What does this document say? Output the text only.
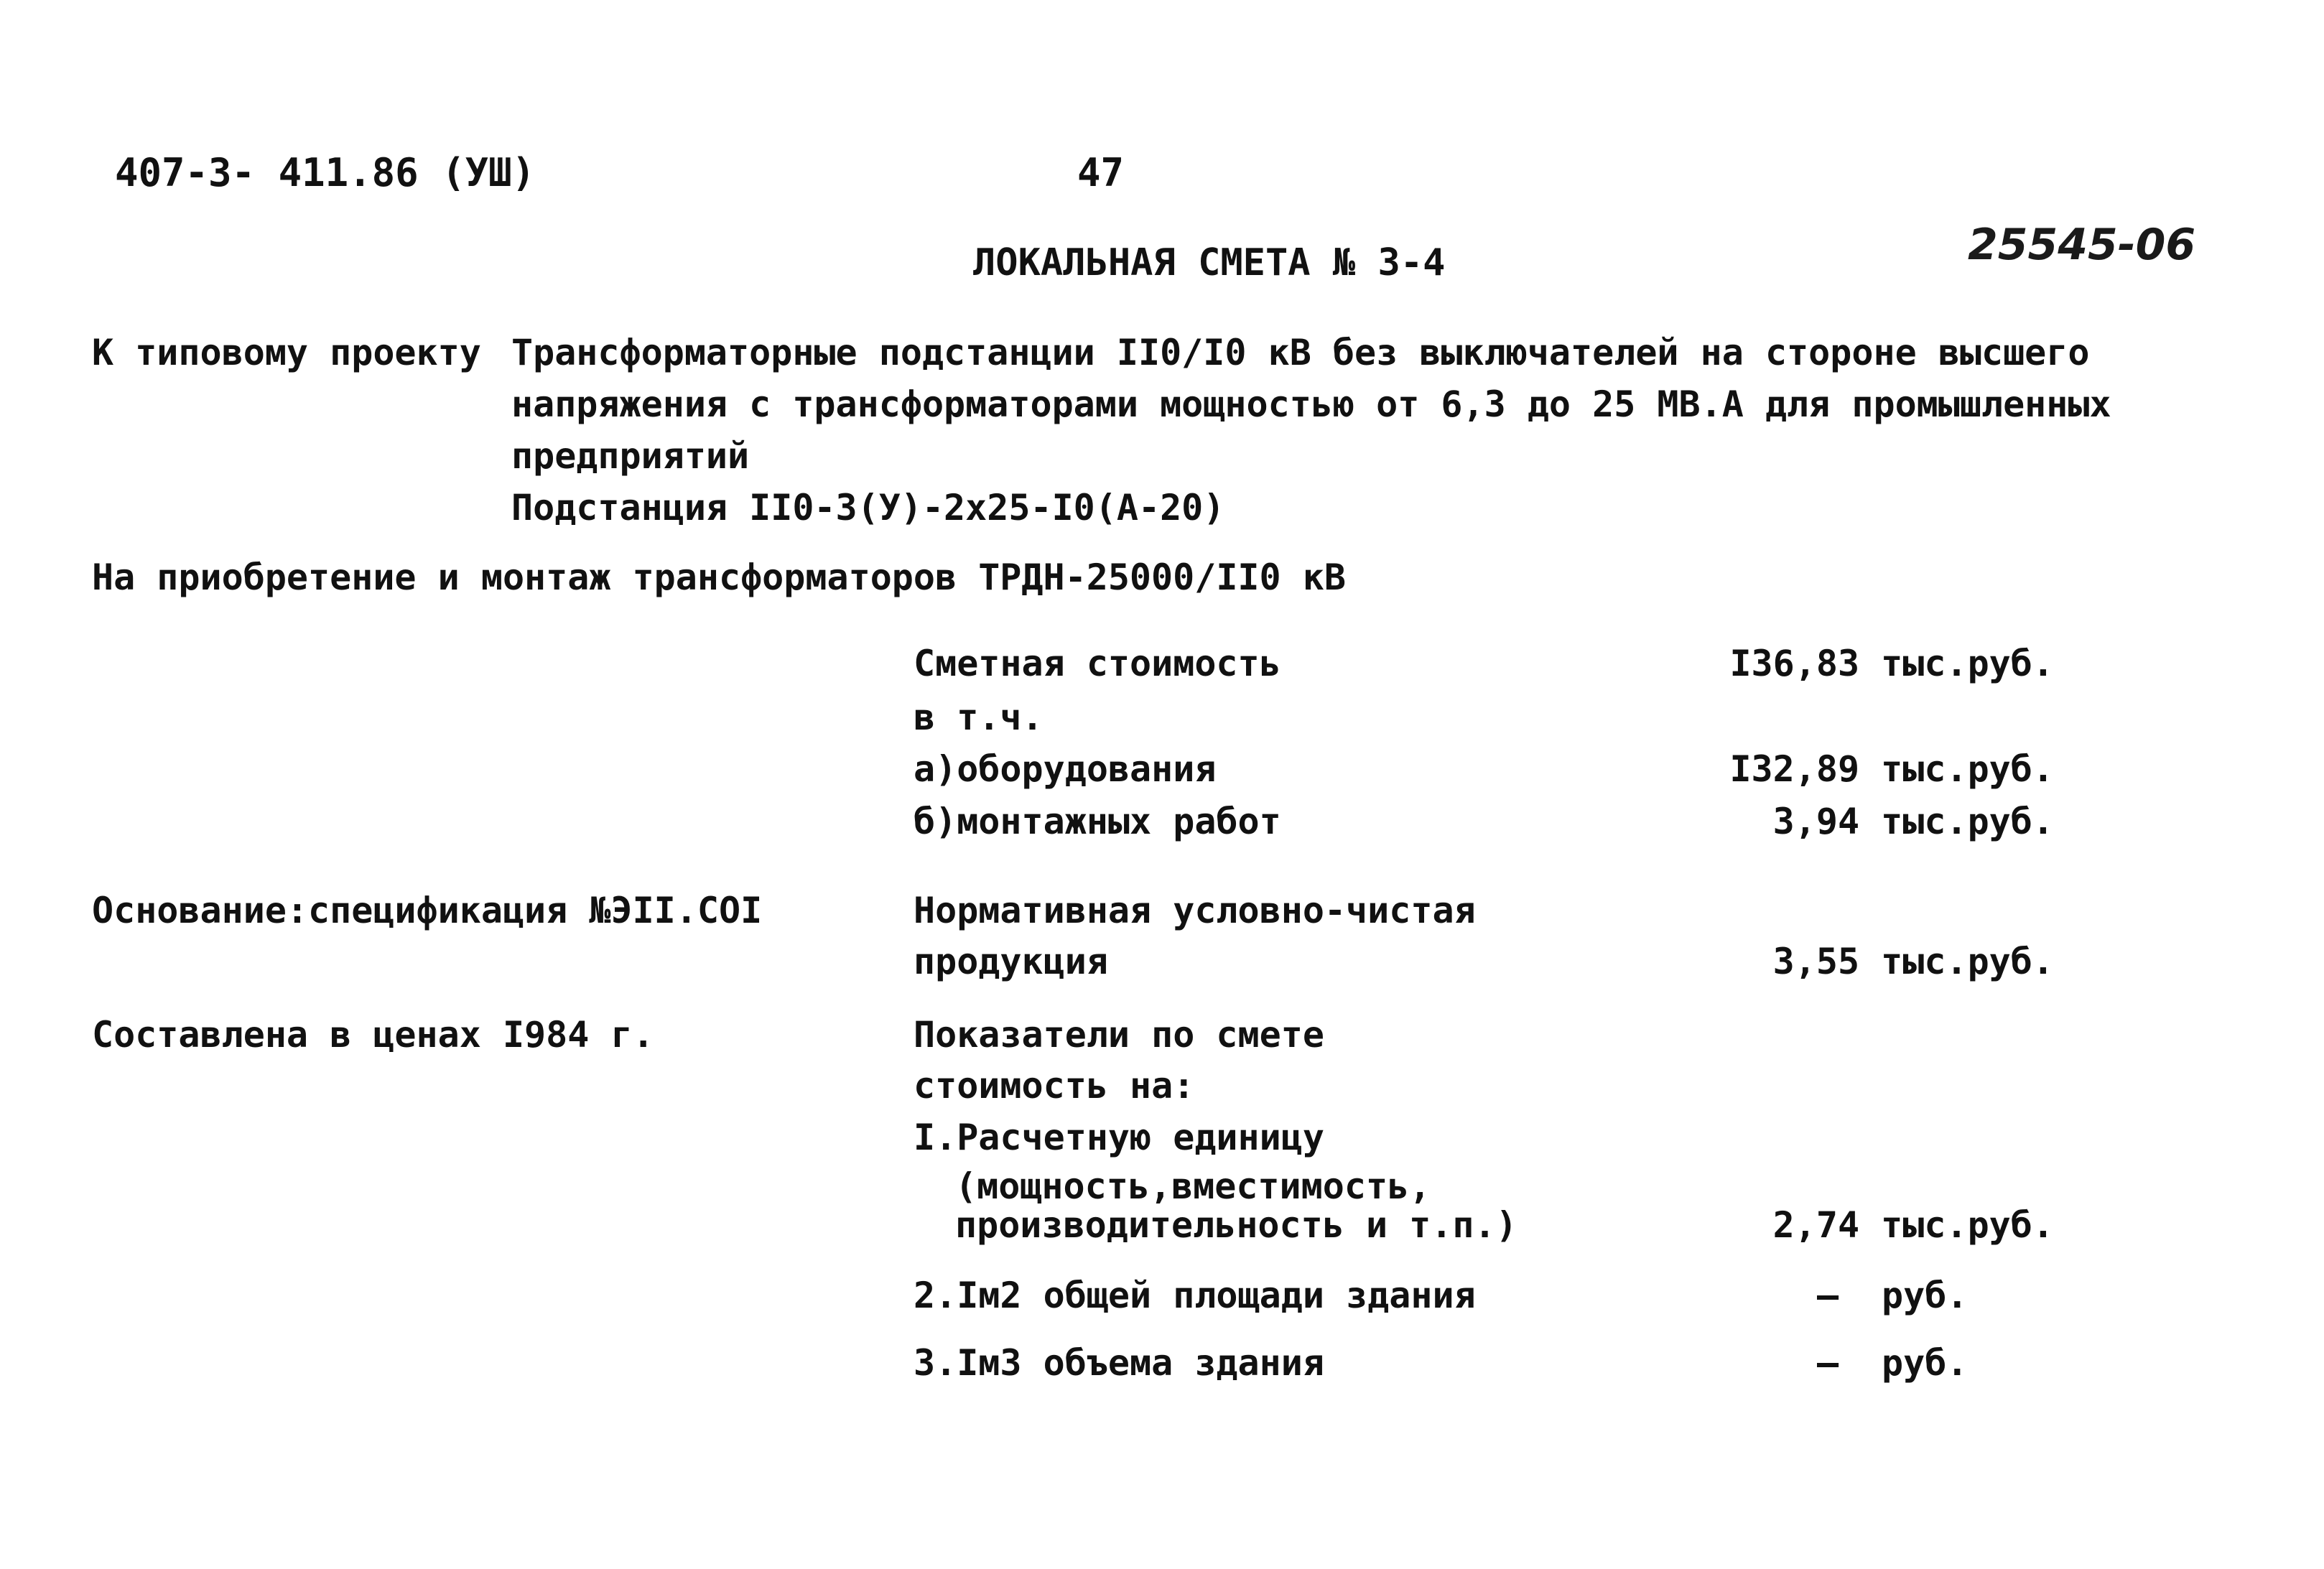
407-3- 411.86 (УШ)	47
25545-06
ЛОКАЛЬНАЯ СМЕТА № 3-4
К типовому проекту Трансформаторные подстанции II0/I0 кВ без выключателей на стороне высшего
напряжения с трансформаторами мощностью от 6,3 до 25 МВ.А для промышленных
предприятий
Подстанция II0-3(У)-2х25-I0(А-20)
На приобретение и монтаж трансформаторов ТРДН-25000/II0 кВ
Сметная стоимость	I36,83 тыс.руб.
в т.ч.
а)оборудования	I32,89 тыс.руб.
б)монтажных работ	3,94 тыс.руб.
Основание:спецификация №ЭII.COI	Нормативная условно-чистая
продукция	3,55 тыс.руб.
Составлена в ценах I984 г.	Показатели по смете
стоимость на:
I.Расчетную единицу
(мощность,вместимость,
производительность и т.п.)	2,74 тыс.руб.
2.Iм2 общей площади здания	– руб.
3.Iм3 объема здания	– руб.
